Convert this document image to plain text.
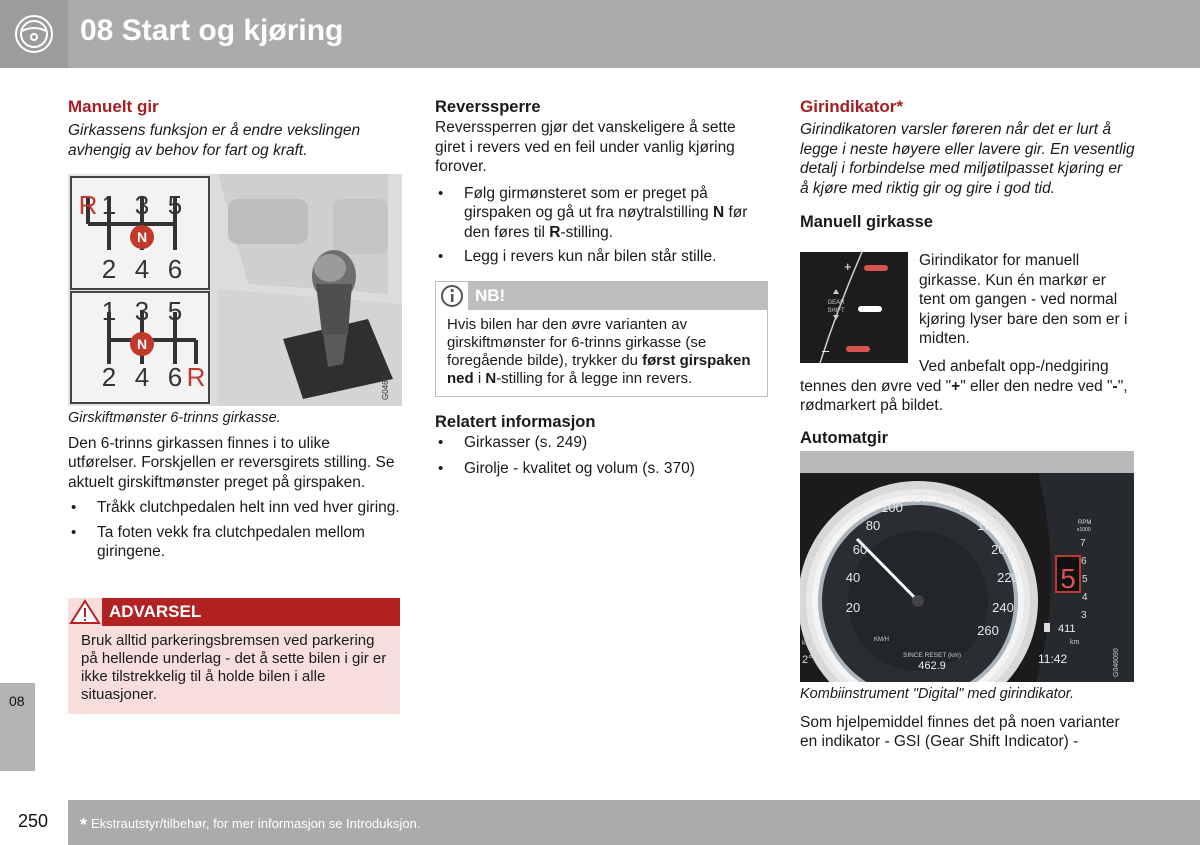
08 Start og kjøring
08
250 * Ekstrautstyr/tilbehør, for mer informasjon se Introduksjon.
Manuelt gir

Girkassens funksjon er å endre vekslingen avhengig av behov for fart og kraft.

N
N
R 1 3 5
2 4 6
1 3 5
2 4 6 R	G046088

Girskiftmønster 6-trinns girkasse.

Den 6-trinns girkassen finnes i to ulike utførelser. Forskjellen er reversgirets stilling. Se aktuelt girskiftmønster preget på girspaken.

• Tråkk clutchpedalen helt inn ved hver giring.
• Ta foten vekk fra clutchpedalen mellom giringene.
ADVARSEL
Bruk alltid parkeringsbremsen ved parkering på hellende underlag - det å sette bilen i gir er ikke tilstrekkelig til å holde bilen i alle situasjoner.
Reverssperre

Reverssperren gjør det vanskeligere å sette giret i revers ved en feil under vanlig kjøring forover.

• Følg girmønsteret som er preget på girspaken og gå ut fra nøytralstilling N før den føres til R-stilling.
• Legg i revers kun når bilen står stille.
NB!
Hvis bilen har den øvre varianten av girskiftmønster for 6-trinns girkasse (se foregående bilde), trykker du først girspaken ned i N-stilling for å legge inn revers.
Relatert informasjon
• Girkasser (s. 249)
• Girolje - kvalitet og volum (s. 370)
Girindikator*

Girindikatoren varsler føreren når det er lurt å legge i neste høyere eller lavere gir. En vesentlig detalj i forbindelse med miljøtilpasset kjøring er å kjøre med riktig gir og gire i god tid.

Manuell girkasse
+
–
GEAR
SHIFT

Girindikator for manuell girkasse. Kun én markør er tent om gangen - ved normal kjøring lyser bare den som er i midten.

Ved anbefalt opp-/nedgiring tennes den øvre ved "+" eller den nedre ved "-", rødmarkert på bildet.

Automatgir
20
40
60
80
100
120 140
160
180
200
220
240
260
KM/H
SINCE RESET (km)
462.9
Ø
km
2°
RPM
x1000
7
6
5
4
3
5
411
km
11:42	G046090

Kombiinstrument "Digital" med girindikator.

Som hjelpemiddel finnes det på noen varianter en indikator - GSI (Gear Shift Indicator) -
